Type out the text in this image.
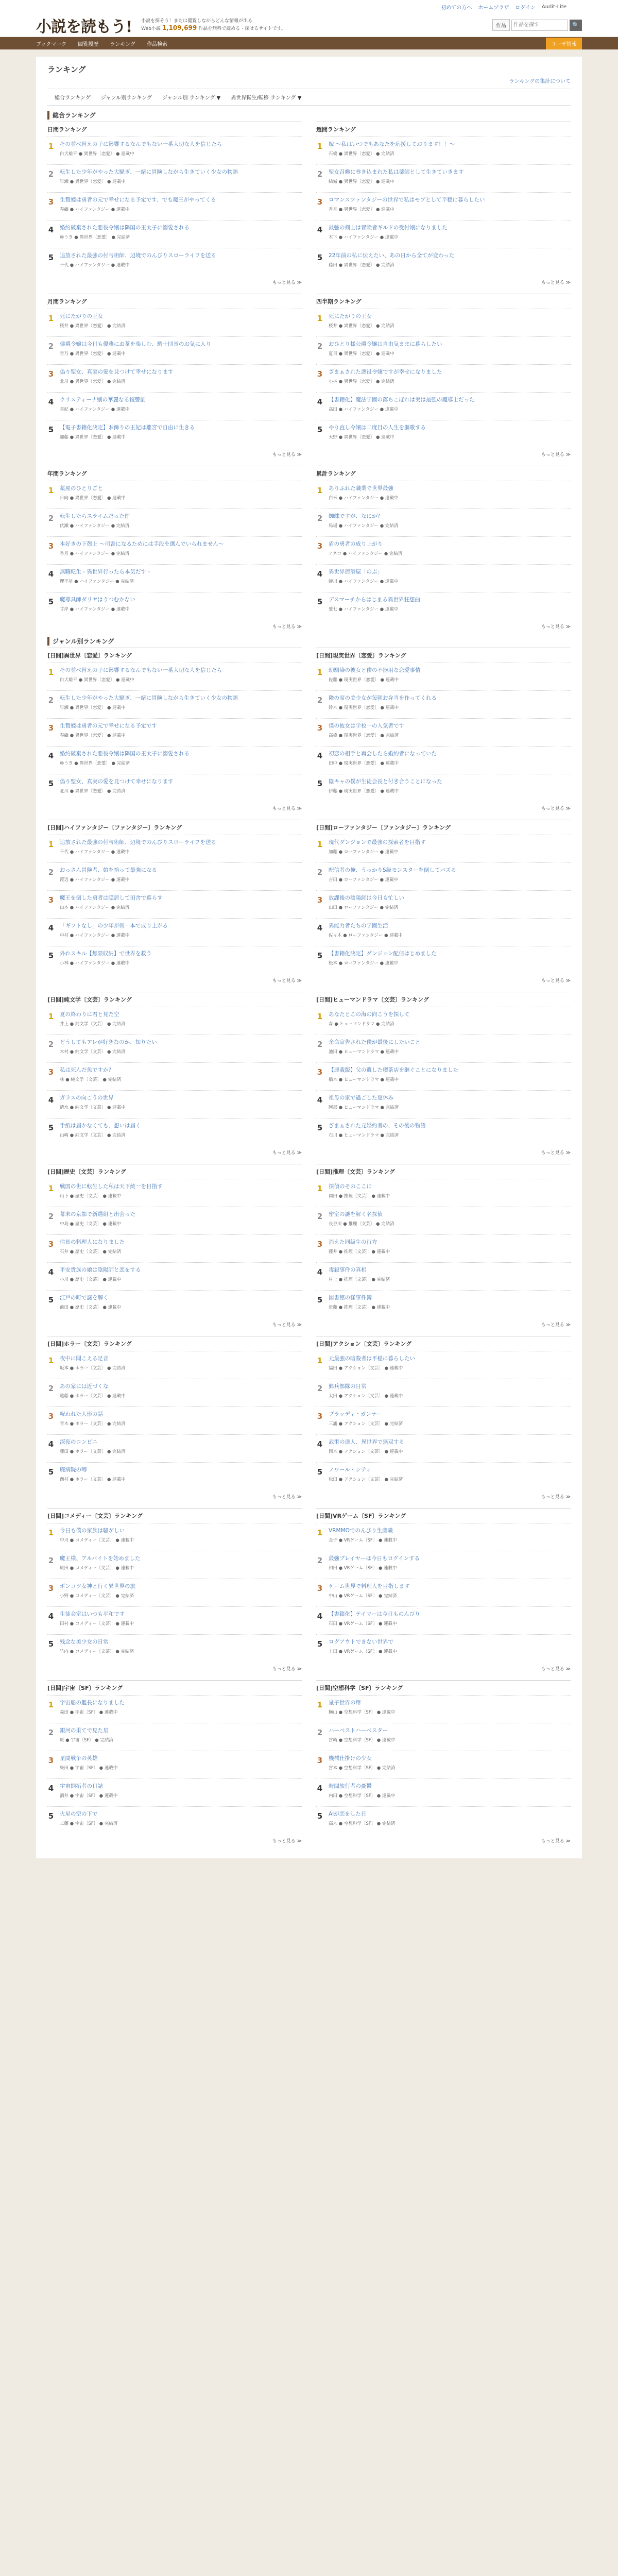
初めての方へ ホームプラザ ログイン Audit-Lite
小説を読もう! 小説を探そう！または閲覧しながらどんな情報が出る
Web小説 1,109,699 作品を無料で読める・探せるサイトです。	作品
作品を探す	🔍
ブックマーク 閲覧履歴 ランキング 作品検索	ユーザ情報
ランキング
ランキングの集計について
総合ランキング ジャンル別ランキング ジャンル別 ランキング ▼ 異世界転生/転移 ランキング ▼
総合ランキング
日間ランキング
1 その並べ替えの子に影響するなんでもない一番大切な人を信じたら
白犬雄平 ● 異世界〔恋愛〕 ● 連載中
2 転生した少年がやった大騒ぎ、一緒に冒険しながら生きていく少女の物語
早瀬 ● 異世界〔恋愛〕 ● 連載中
3 生贄姫は勇者の元で幸せになる予定です、でも魔王がやってくる
春織 ● ハイファンタジー ● 連載中
4 婚約破棄された悪役令嬢は隣国の王太子に溺愛される
ゆうき ● 異世界〔恋愛〕 ● 完結済
5 追放された最強の付与術師、辺境でのんびりスローライフを送る
千代 ● ハイファンタジー ● 連載中
もっと見る ≫
週間ランキング
1 嫁 ～私はいつでもあなたを応援しております！！～
石橋 ● 異世界〔恋愛〕 ● 完結済
2 聖女召喚に巻き込まれた私は薬師として生きていきます
結城 ● 異世界〔恋愛〕 ● 連載中
3 ロマンスファンタジーの世界で私はモブとして平穏に暮らしたい
香月 ● 異世界〔恋愛〕 ● 連載中
4 最強の剣士は冒険者ギルドの受付嬢になりました
木下 ● ハイファンタジー ● 連載中
5 22年前の私に伝えたい、あの日から全てが変わった
藤田 ● 異世界〔恋愛〕 ● 完結済
もっと見る ≫
月間ランキング
1 死にたがりの王女
桜井 ● 異世界〔恋愛〕 ● 完結済
2 侯爵令嬢は今日も優雅にお茶を楽しむ、騎士団長のお気に入り
雪乃 ● 異世界〔恋愛〕 ● 連載中
3 偽り聖女、真実の愛を見つけて幸せになります
北川 ● 異世界〔恋愛〕 ● 完結済
4 クリスティーナ嬢の華麗なる復讐劇
真紀 ● ハイファンタジー ● 連載中
5 【電子書籍化決定】お飾りの王妃は離宮で自由に生きる
加藤 ● 異世界〔恋愛〕 ● 連載中
もっと見る ≫
四半期ランキング
1 死にたがりの王女
桜井 ● 異世界〔恋愛〕 ● 完結済
2 おひとり様公爵令嬢は自由気ままに暮らしたい
夏目 ● 異世界〔恋愛〕 ● 連載中
3 ざまぁされた悪役令嬢ですが幸せになりました
小林 ● 異世界〔恋愛〕 ● 完結済
4 【書籍化】魔法学園の落ちこぼれは実は最強の魔導士だった
高田 ● ハイファンタジー ● 連載中
5 やり直し令嬢は二度目の人生を謳歌する
天野 ● 異世界〔恋愛〕 ● 連載中
もっと見る ≫
年間ランキング
1 薬屋のひとりごと
日向 ● 異世界〔恋愛〕 ● 連載中
2 転生したらスライムだった件
伏瀬 ● ハイファンタジー ● 完結済
3 本好きの下剋上 ～司書になるためには手段を選んでいられません～
香月 ● ハイファンタジー ● 完結済
4 無職転生 - 異世界行ったら本気だす -
理不尽 ● ハイファンタジー ● 完結済
5 魔導具師ダリヤはうつむかない
甘岸 ● ハイファンタジー ● 連載中
もっと見る ≫
累計ランキング
1 ありふれた職業で世界最強
白米 ● ハイファンタジー ● 連載中
2 蜘蛛ですが、なにか？
馬場 ● ハイファンタジー ● 完結済
3 盾の勇者の成り上がり
アネコ ● ハイファンタジー ● 完結済
4 異世界居酒屋「のぶ」
蝉川 ● ハイファンタジー ● 連載中
5 デスマーチからはじまる異世界狂想曲
愛七 ● ハイファンタジー ● 連載中
もっと見る ≫
ジャンル別ランキング
[日間]異世界〔恋愛〕ランキング
1 その並べ替えの子に影響するなんでもない一番大切な人を信じたら
白犬雄平 ● 異世界〔恋愛〕 ● 連載中
2 転生した少年がやった大騒ぎ、一緒に冒険しながら生きていく少女の物語
早瀬 ● 異世界〔恋愛〕 ● 連載中
3 生贄姫は勇者の元で幸せになる予定です
春織 ● 異世界〔恋愛〕 ● 連載中
4 婚約破棄された悪役令嬢は隣国の王太子に溺愛される
ゆうき ● 異世界〔恋愛〕 ● 完結済
5 偽り聖女、真実の愛を見つけて幸せになります
北川 ● 異世界〔恋愛〕 ● 完結済
もっと見る ≫
[日間]現実世界〔恋愛〕ランキング
1 幼馴染の彼女と僕の不器用な恋愛事情
佐藤 ● 現実世界〔恋愛〕 ● 連載中
2 隣の席の美少女が毎朝お弁当を作ってくれる
鈴木 ● 現実世界〔恋愛〕 ● 連載中
3 僕の彼女は学校一の人気者です
高橋 ● 現実世界〔恋愛〕 ● 完結済
4 初恋の相手と再会したら婚約者になっていた
田中 ● 現実世界〔恋愛〕 ● 連載中
5 陰キャの僕が生徒会長と付き合うことになった
伊藤 ● 現実世界〔恋愛〕 ● 連載中
もっと見る ≫
[日間]ハイファンタジー〔ファンタジー〕ランキング
1 追放された最強の付与術師、辺境でのんびりスローライフを送る
千代 ● ハイファンタジー ● 連載中
2 おっさん冒険者、娘を拾って最強になる
渡辺 ● ハイファンタジー ● 連載中
3 魔王を倒した勇者は隠居して田舎で暮らす
山本 ● ハイファンタジー ● 完結済
4 「ギフトなし」の少年が剣一本で成り上がる
中村 ● ハイファンタジー ● 連載中
5 外れスキル【無限収納】で世界を救う
小林 ● ハイファンタジー ● 連載中
もっと見る ≫
[日間]ローファンタジー〔ファンタジー〕ランキング
1 現代ダンジョンで最強の探索者を目指す
加藤 ● ローファンタジー ● 連載中
2 配信者の俺、うっかりS級モンスターを倒してバズる
吉田 ● ローファンタジー ● 連載中
3 放課後の陰陽師は今日も忙しい
山田 ● ローファンタジー ● 完結済
4 異能力者たちの学園生活
佐々木 ● ローファンタジー ● 連載中
5 【書籍化決定】ダンジョン配信はじめました
松本 ● ローファンタジー ● 連載中
もっと見る ≫
[日間]純文学〔文芸〕ランキング
1 夏の終わりに君と見た空
井上 ● 純文学〔文芸〕 ● 完結済
2 どうしてもアレが好きなのか、知りたい
木村 ● 純文学〔文芸〕 ● 完結済
3 私は死んだ魚ですか？
林 ● 純文学〔文芸〕 ● 完結済
4 ガラスの向こうの世界
清水 ● 純文学〔文芸〕 ● 連載中
5 手紙は届かなくても、想いは届く
山崎 ● 純文学〔文芸〕 ● 完結済
もっと見る ≫
[日間]ヒューマンドラマ〔文芸〕ランキング
1 あなたとこの海の向こうを探して
森 ● ヒューマンドラマ ● 完結済
2 余命宣告された僕が最後にしたいこと
池田 ● ヒューマンドラマ ● 連載中
3 【連載版】父の遺した喫茶店を継ぐことになりました
橋本 ● ヒューマンドラマ ● 連載中
4 祖母の家で過ごした夏休み
阿部 ● ヒューマンドラマ ● 完結済
5 ざまぁされた元婚約者の、その後の物語
石川 ● ヒューマンドラマ ● 完結済
もっと見る ≫
[日間]歴史〔文芸〕ランキング
1 戦国の世に転生した私は天下統一を目指す
山下 ● 歴史〔文芸〕 ● 連載中
2 幕末の京都で新選組と出会った
中島 ● 歴史〔文芸〕 ● 連載中
3 信長の料理人になりました
石井 ● 歴史〔文芸〕 ● 完結済
4 平安貴族の娘は陰陽師と恋をする
小川 ● 歴史〔文芸〕 ● 連載中
5 江戸の町で謎を解く
前田 ● 歴史〔文芸〕 ● 連載中
もっと見る ≫
[日間]推理〔文芸〕ランキング
1 探偵のそのここに
岡田 ● 推理〔文芸〕 ● 連載中
2 密室の謎を解く名探偵
長谷川 ● 推理〔文芸〕 ● 完結済
3 消えた同級生の行方
藤井 ● 推理〔文芸〕 ● 連載中
4 毒殺事件の真相
村上 ● 推理〔文芸〕 ● 完結済
5 図書館の怪事件簿
近藤 ● 推理〔文芸〕 ● 連載中
もっと見る ≫
[日間]ホラー〔文芸〕ランキング
1 夜中に聞こえる足音
坂本 ● ホラー〔文芸〕 ● 完結済
2 あの家には近づくな
遠藤 ● ホラー〔文芸〕 ● 連載中
3 呪われた人形の話
青木 ● ホラー〔文芸〕 ● 完結済
4 深夜のコンビニ
藤田 ● ホラー〔文芸〕 ● 完結済
5 廃病院の噂
西村 ● ホラー〔文芸〕 ● 連載中
もっと見る ≫
[日間]アクション〔文芸〕ランキング
1 元最強の暗殺者は平穏に暮らしたい
福田 ● アクション〔文芸〕 ● 連載中
2 傭兵部隊の日常
太田 ● アクション〔文芸〕 ● 連載中
3 ブラッディ・ガンナー
三浦 ● アクション〔文芸〕 ● 完結済
4 武術の達人、異世界で無双する
岡本 ● アクション〔文芸〕 ● 連載中
5 ノワール・シティ
松田 ● アクション〔文芸〕 ● 完結済
もっと見る ≫
[日間]コメディー〔文芸〕ランキング
1 今日も僕の家族は騒がしい
中川 ● コメディー〔文芸〕 ● 連載中
2 魔王様、アルバイトを始めました
原田 ● コメディー〔文芸〕 ● 連載中
3 ポンコツ女神と行く異世界の旅
小野 ● コメディー〔文芸〕 ● 完結済
4 生徒会室はいつも平和です
田村 ● コメディー〔文芸〕 ● 連載中
5 残念な美少女の日常
竹内 ● コメディー〔文芸〕 ● 完結済
もっと見る ≫
[日間]VRゲーム〔SF〕ランキング
1 VRMMOでのんびり生産職
金子 ● VRゲーム〔SF〕 ● 連載中
2 最強プレイヤーは今日もログインする
和田 ● VRゲーム〔SF〕 ● 連載中
3 ゲーム世界で料理人を目指します
中山 ● VRゲーム〔SF〕 ● 完結済
4 【書籍化】テイマーは今日ものんびり
石田 ● VRゲーム〔SF〕 ● 連載中
5 ログアウトできない世界で
上田 ● VRゲーム〔SF〕 ● 連載中
もっと見る ≫
[日間]宇宙〔SF〕ランキング
1 宇宙船の艦長になりました
森田 ● 宇宙〔SF〕 ● 連載中
2 銀河の果てで見た星
原 ● 宇宙〔SF〕 ● 完結済
3 星間戦争の英雄
柴田 ● 宇宙〔SF〕 ● 連載中
4 宇宙開拓者の日誌
酒井 ● 宇宙〔SF〕 ● 連載中
5 火星の空の下で
工藤 ● 宇宙〔SF〕 ● 完結済
もっと見る ≫
[日間]空想科学〔SF〕ランキング
1 量子世界の扉
横山 ● 空想科学〔SF〕 ● 連載中
2 ハーベストハーベスター
宮崎 ● 空想科学〔SF〕 ● 連載中
3 機械仕掛けの少女
宮本 ● 空想科学〔SF〕 ● 完結済
4 時間旅行者の憂鬱
内田 ● 空想科学〔SF〕 ● 連載中
5 AIが恋をした日
高木 ● 空想科学〔SF〕 ● 完結済
もっと見る ≫
